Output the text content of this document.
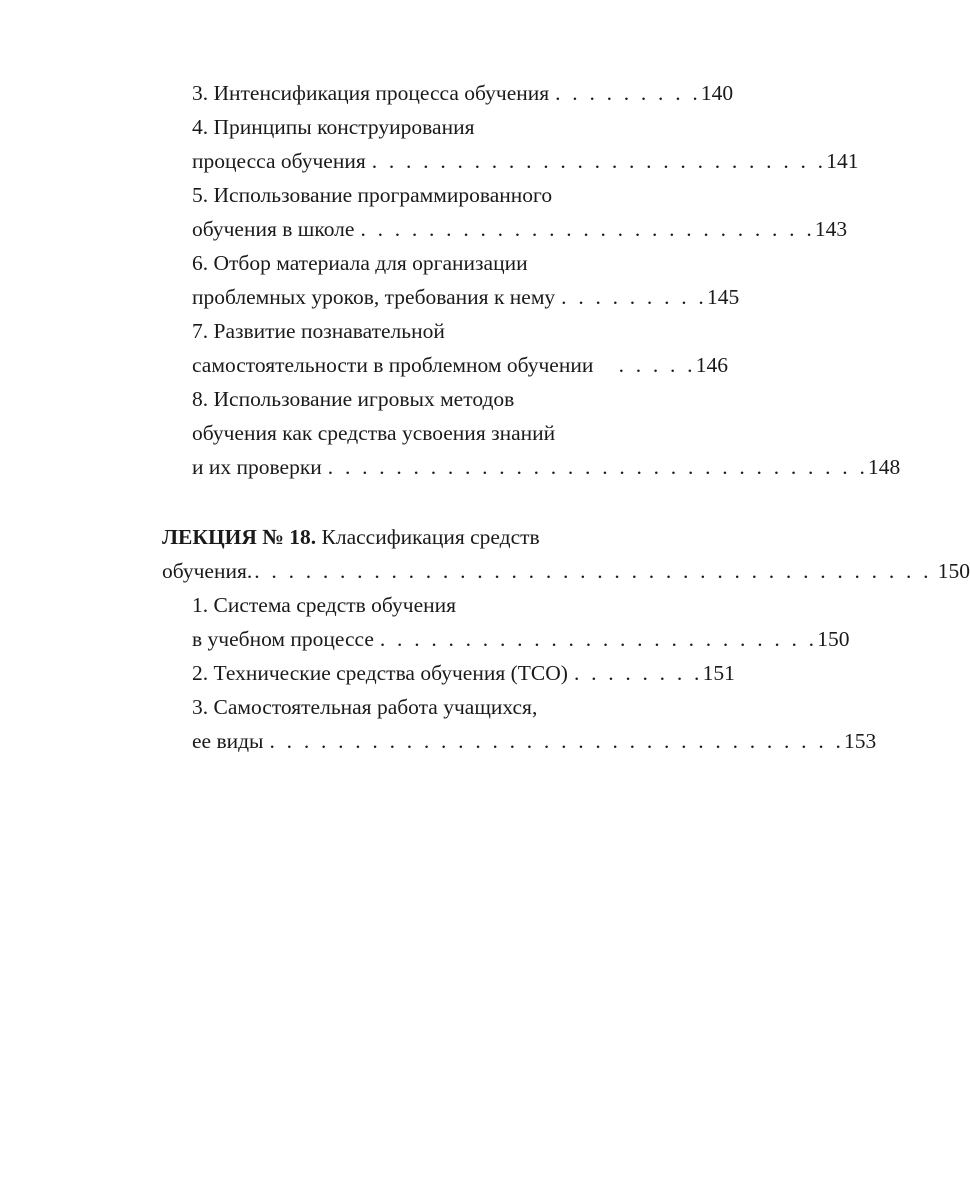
3. Интенсификация процесса обучения . . . . . . . . . 140
4. Принципы конструирования
процесса обучения . . . . . . . . . . . . . . . . . . . . . . . . . . . 141
5. Использование программированного
обучения в школе . . . . . . . . . . . . . . . . . . . . . . . . . . . 143
6. Отбор материала для организации
проблемных уроков, требования к нему . . . . . . . . . 145
7. Развитие познавательной
самостоятельности в проблемном обучении	. . . . . 146
8. Использование игровых методов
обучения как средства усвоения знаний
и их проверки . . . . . . . . . . . . . . . . . . . . . . . . . . . . . . . . 148
ЛЕКЦИЯ № 18. Классификация средств
обучения. . . . . . . . . . . . . . . . . . . . . . . . . . . . . . . . . . . . . . . . . 150
1. Система средств обучения
в учебном процессе . . . . . . . . . . . . . . . . . . . . . . . . . . 150
2. Технические средства обучения (ТСО) . . . . . . . . 151
3. Самостоятельная работа учащихся,
ее виды . . . . . . . . . . . . . . . . . . . . . . . . . . . . . . . . . . 153
